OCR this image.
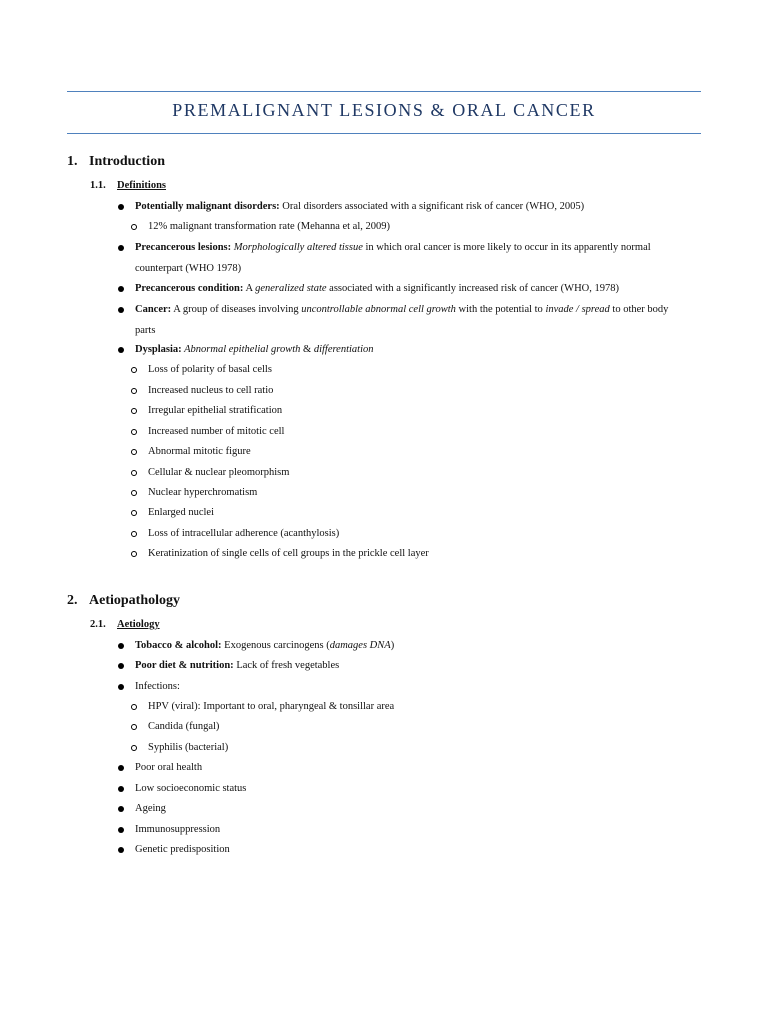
PREMALIGNANT LESIONS & ORAL CANCER
1. Introduction
1.1. Definitions
Potentially malignant disorders: Oral disorders associated with a significant risk of cancer (WHO, 2005)
12% malignant transformation rate (Mehanna et al, 2009)
Precancerous lesions: Morphologically altered tissue in which oral cancer is more likely to occur in its apparently normal counterpart (WHO 1978)
Precancerous condition: A generalized state associated with a significantly increased risk of cancer (WHO, 1978)
Cancer: A group of diseases involving uncontrollable abnormal cell growth with the potential to invade / spread to other body parts
Dysplasia: Abnormal epithelial growth & differentiation
Loss of polarity of basal cells
Increased nucleus to cell ratio
Irregular epithelial stratification
Increased number of mitotic cell
Abnormal mitotic figure
Cellular & nuclear pleomorphism
Nuclear hyperchromatism
Enlarged nuclei
Loss of intracellular adherence (acanthylosis)
Keratinization of single cells of cell groups in the prickle cell layer
2. Aetiopathology
2.1. Aetiology
Tobacco & alcohol: Exogenous carcinogens (damages DNA)
Poor diet & nutrition: Lack of fresh vegetables
Infections:
HPV (viral): Important to oral, pharyngeal & tonsillar area
Candida (fungal)
Syphilis (bacterial)
Poor oral health
Low socioeconomic status
Ageing
Immunosuppression
Genetic predisposition
